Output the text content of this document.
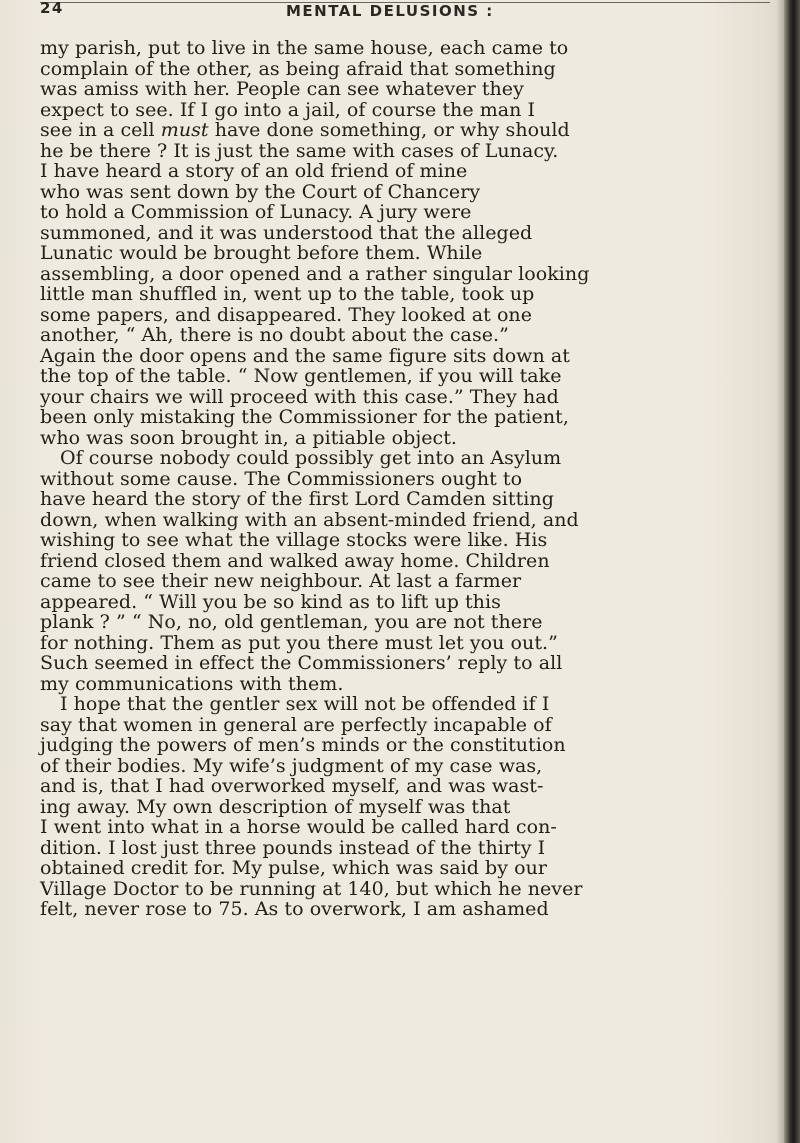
24	MENTAL DELUSIONS :
my parish, put to live in the same house, each came to
complain of the other, as being afraid that something
was amiss with her. People can see whatever they
expect to see. If I go into a jail, of course the man I
see in a cell must have done something, or why should
he be there ? It is just the same with cases of Lunacy.
I have heard a story of an old friend of mine
who was sent down by the Court of Chancery
to hold a Commission of Lunacy. A jury were
summoned, and it was understood that the alleged
Lunatic would be brought before them. While
assembling, a door opened and a rather singular looking
little man shuffled in, went up to the table, took up
some papers, and disappeared. They looked at one
another, “ Ah, there is no doubt about the case.”
Again the door opens and the same figure sits down at
the top of the table. “ Now gentlemen, if you will take
your chairs we will proceed with this case.” They had
been only mistaking the Commissioner for the patient,
who was soon brought in, a pitiable object.
Of course nobody could possibly get into an Asylum
without some cause. The Commissioners ought to
have heard the story of the first Lord Camden sitting
down, when walking with an absent-minded friend, and
wishing to see what the village stocks were like. His
friend closed them and walked away home. Children
came to see their new neighbour. At last a farmer
appeared. “ Will you be so kind as to lift up this
plank ? ” “ No, no, old gentleman, you are not there
for nothing. Them as put you there must let you out.”
Such seemed in effect the Commissioners’ reply to all
my communications with them.
I hope that the gentler sex will not be offended if I
say that women in general are perfectly incapable of
judging the powers of men’s minds or the constitution
of their bodies. My wife’s judgment of my case was,
and is, that I had overworked myself, and was wast-
ing away. My own description of myself was that
I went into what in a horse would be called hard con-
dition. I lost just three pounds instead of the thirty I
obtained credit for. My pulse, which was said by our
Village Doctor to be running at 140, but which he never
felt, never rose to 75. As to overwork, I am ashamed
